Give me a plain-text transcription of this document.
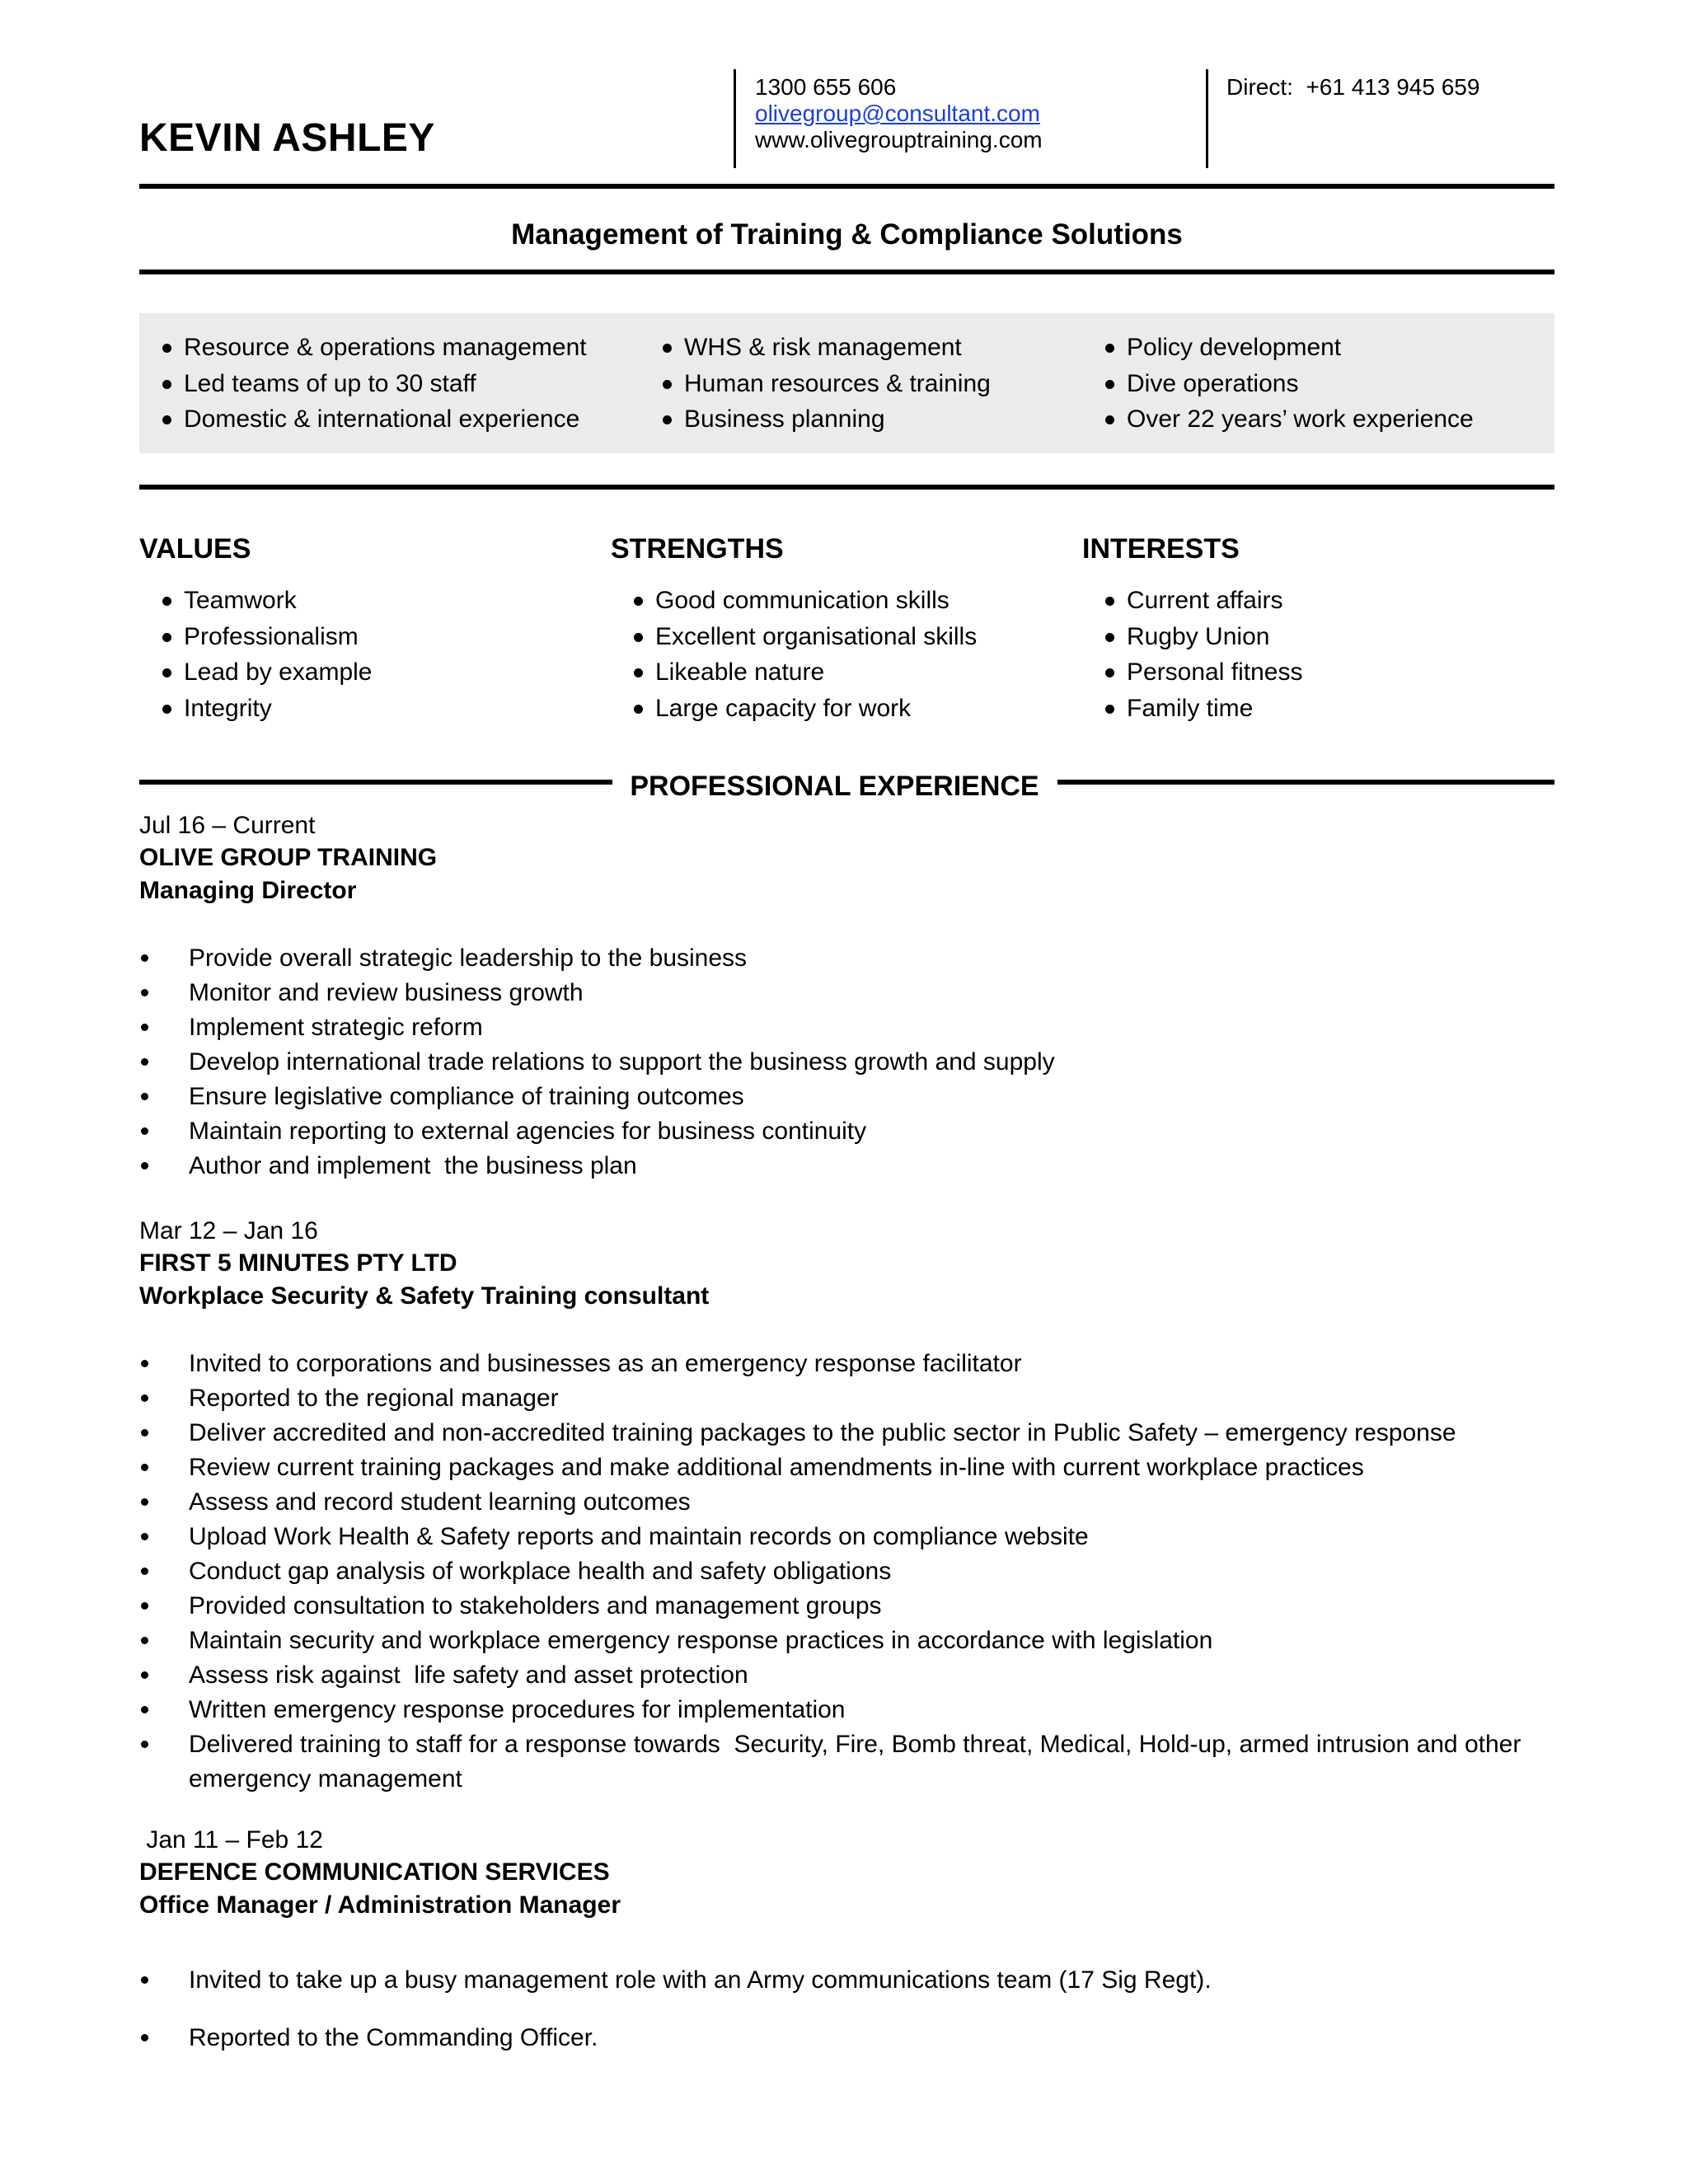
KEVIN ASHLEY
1300 655 606
olivegroup@consultant.com
www.olivegrouptraining.com
Direct:  +61 413 945 659
Management of Training & Compliance Solutions
Resource & operations management
Led teams of up to 30 staff
Domestic & international experience
WHS & risk management
Human resources & training
Business planning
Policy development
Dive operations
Over 22 years’ work experience
VALUES
Teamwork
Professionalism
Lead by example
Integrity
STRENGTHS
Good communication skills
Excellent organisational skills
Likeable nature
Large capacity for work
INTERESTS
Current affairs
Rugby Union
Personal fitness
Family time
PROFESSIONAL EXPERIENCE
Jul 16 – Current
OLIVE GROUP TRAINING
Managing Director
Provide overall strategic leadership to the business
Monitor and review business growth
Implement strategic reform
Develop international trade relations to support the business growth and supply
Ensure legislative compliance of training outcomes
Maintain reporting to external agencies for business continuity
Author and implement  the business plan
Mar 12 – Jan 16
FIRST 5 MINUTES PTY LTD
Workplace Security & Safety Training consultant
Invited to corporations and businesses as an emergency response facilitator
Reported to the regional manager
Deliver accredited and non-accredited training packages to the public sector in Public Safety – emergency response
Review current training packages and make additional amendments in-line with current workplace practices
Assess and record student learning outcomes
Upload Work Health & Safety reports and maintain records on compliance website
Conduct gap analysis of workplace health and safety obligations
Provided consultation to stakeholders and management groups
Maintain security and workplace emergency response practices in accordance with legislation
Assess risk against  life safety and asset protection
Written emergency response procedures for implementation
Delivered training to staff for a response towards  Security, Fire, Bomb threat, Medical, Hold-up, armed intrusion and other emergency management
Jan 11 – Feb 12
DEFENCE COMMUNICATION SERVICES
Office Manager / Administration Manager
Invited to take up a busy management role with an Army communications team (17 Sig Regt).
Reported to the Commanding Officer.
